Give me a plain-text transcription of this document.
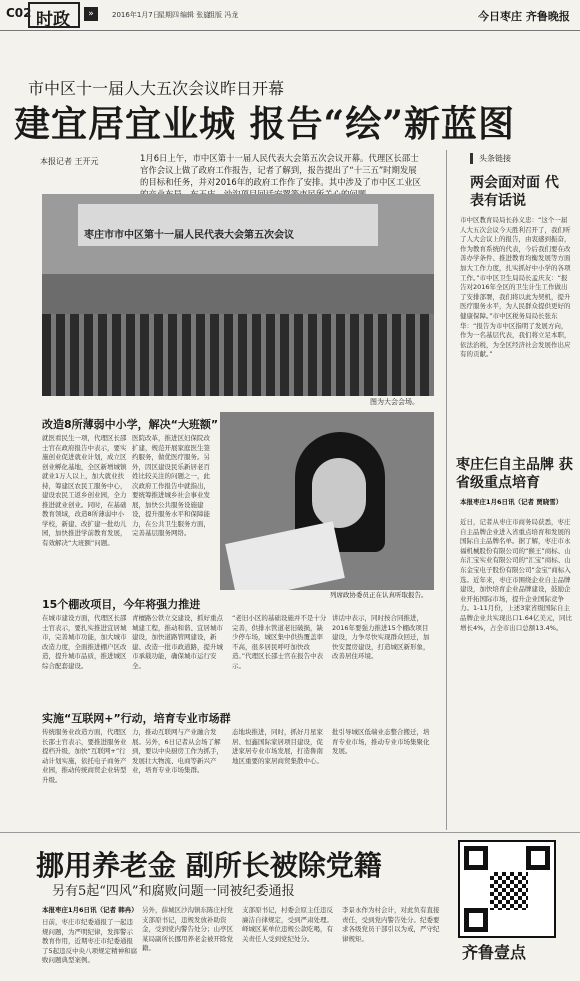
C02 时政	»	2016年1月7日
星期四 编辑 张旋
组版 冯龙	今日枣庄 齐鲁晚报
市中区十一届人大五次会议昨日开幕
建宜居宜业城 报告“绘”新蓝图
本报记者 王开元	1月6日上午，市中区第十一届人民代表大会第五次会议开幕。代理区长邵士官作会议上做了政府工作报告，记者了解到，报告提出了“十三五”时期发展的目标和任务，并对2016年的政府工作作了安排。其中涉及了市中区工业区
枣庄市市中区第十一届人民代表大会第五次会议
图为大会会场。
改造8所薄弱中小学，解决“大班额”
就医看民生一项，代理区长邵士官在政府报告中表示，要实施创业促进就业计划，成立区创业孵化基地，全区新增城镇就业1万人以上，加大就业扶持，筹建区农民工服务中心，建设农民工返乡创业园，全力推进就业创业。同时，在基础教育领域，改造8所薄弱中小学校，新建、改扩建一批幼儿园，加快推进学前教育发展，有效解决“大班额”问题。
医院改革，推进区妇保院改扩建，规范开展家庭医生签约服务，做优医疗服务。另外，因区建设民乐新居老百姓比较关注的问题之一，此次政府工作报告中就指出，要统筹推进城乡社会事业发展，加快公共服务设施建设，提升服务水平和保障能力，在公共卫生服务方面，完善基层服务网络。
列席政协委员正在认真听取报告。
15个棚改项目，今年将强力推进
在城市建设方面，代理区长邵士官表示，要扎实推进宜居城市，完善城市功能，加大城市改造力度，全面推进棚户区改造，提升城市品质，推进城区综合配套建设。
青檀路公铁立交建设，抓好重点城建工程，推动和谐、宜居城市建设，加快道路管网建设，新建、改造一批市政道路，提升城市承载功能，确保城市运行安全。
“老旧小区的基础设施并不是十分完善，供排水管道老旧破损，缺少停车场，城区集中供热覆盖率不高，很多居民呼吁加快改造。”代理区长邵士官在报告中表示。
讲话中表示，同时按合同推进，2016年要强力推进15个棚改项目建设，力争尽快实现群众回迁，加快安置房建设，打造城区新形象，改善居住环境。
实施“互联网+”行动，培育专业市场群
传统服务业改造方面，代理区长邵士官表示，要推进服务业提档升级，加快“互联网+”行动计划实施，依托电子商务产业园，推动传统商贸企业转型升级。
力，推动互联网与产业融合发展。另外，6日记者从会场了解到，要以中央厨房工作为抓手，发展壮大物流、电商等新兴产业，培育专业市场集群。
态地块推进，同时，抓好月星家居、恒鑫国际家居项目建设，促进家居专业市场发展，打造鲁南地区重要的家居商贸集散中心。
批引导城区低端业态整合搬迁，培育专业市场，推动专业市场集聚化发展。
头条链接
两会面对面 代表有话说
市中区教育局局长孙义忠：“这个一届人大五次会议今天胜利召开了，我们听了人大会议上的报告，由衷感到振奋，作为教育系统的代表，今后我们要在改善办学条件、推进教育均衡发展等方面加大工作力度，扎实抓好中小学的各项工作。”市中区卫生局局长孟庆友：“报告对2016年全区的卫生计生工作做出了安排部署，我们将以此为契机，提升医疗服务水平，为人民群众提供更好的健康保障。”市中区税务局局长张东华：“报告为市中区指明了发展方向，作为一名基层代表，我们将立足本职，依法治税，为全区经济社会发展作出应有的贡献。”
枣庄仨自主品牌 获省级重点培育
本报枣庄1月6日讯（记者 贾晓雪）
近日，记者从枣庄市商务局获悉，枣庄自主品牌企业进入省重点培育和发展的国际自主品牌名单。据了解，枣庄市永福机械股份有限公司的“猴王”商标、山东汇宝实业有限公司的“汇宝”商标、山东金宝电子股份有限公司“金宝”商标入选。近年来，枣庄市围绕企业自主品牌建设，加快培育企业品牌建设，鼓励企业开拓国际市场，提升企业国际竞争力。1-11月份，上述3家省级国际自主品牌企业共实现出口1.64亿美元，同比增长4%，占全市出口总额13.4%。
挪用养老金 副所长被除党籍
另有5起“四风”和腐败问题一同被纪委通报
本报枣庄1月6日讯（记者 韩冉）
日前，枣庄市纪委通报了一起违规问题，为严明纪律，发挥警示教育作用，近期枣庄市纪委通报了5起违反中央八项规定精神和腐败问题典型案例。
另外，薛城区沙沟镇东陈庄村党支部原书记，违规发放补助资金，受到党内警告处分；山亭区某局副所长挪用养老金被开除党籍。
支部原书记，村委会原主任违反廉洁自律规定，受到严肃处理。峄城区某单位违规公款吃喝，有关责任人受到党纪处分。
李景永作为村会计，对此负有直接责任，受到党内警告处分。纪委要求各级党员干部引以为戒，严守纪律规矩。
齐鲁壹点
